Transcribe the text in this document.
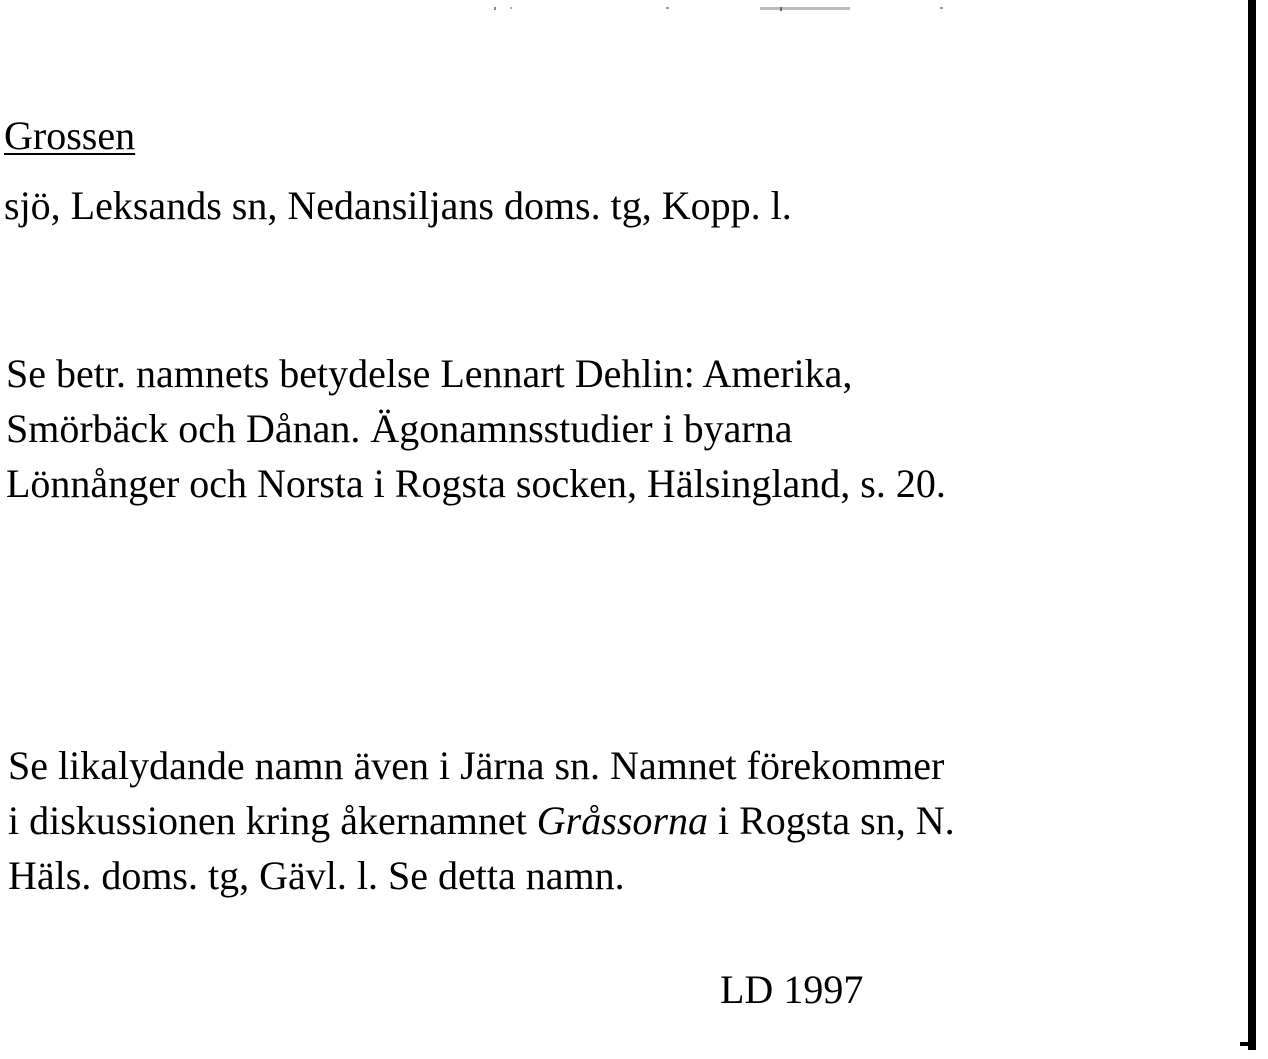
Grossen
sjö, Leksands sn, Nedansiljans doms. tg, Kopp. l.
Se betr. namnets betydelse Lennart Dehlin: Amerika,
Smörbäck och Dånan. Ägonamnsstudier i byarna
Lönnånger och Norsta i Rogsta socken, Hälsingland, s. 20.
Se likalydande namn även i Järna sn. Namnet förekommer
i diskussionen kring åkernamnet Gråssorna i Rogsta sn, N.
Häls. doms. tg, Gävl. l. Se detta namn.
LD 1997
